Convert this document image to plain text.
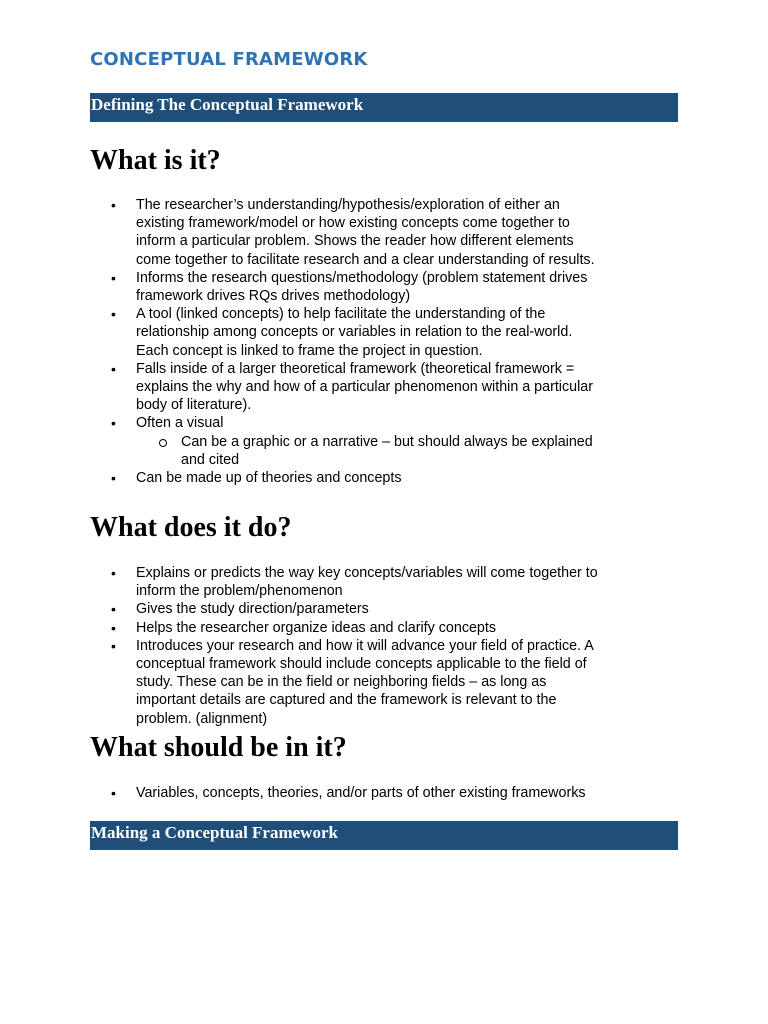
CONCEPTUAL FRAMEWORK
Defining The Conceptual Framework
What is it?
• The researcher’s understanding/hypothesis/exploration of either an existing framework/model or how existing concepts come together to inform a particular problem. Shows the reader how different elements come together to facilitate research and a clear understanding of results.
• Informs the research questions/methodology (problem statement drives framework drives RQs drives methodology)
• A tool (linked concepts) to help facilitate the understanding of the relationship among concepts or variables in relation to the real-world. Each concept is linked to frame the project in question.
• Falls inside of a larger theoretical framework (theoretical framework = explains the why and how of a particular phenomenon within a particular body of literature).
• Often a visual
Can be a graphic or a narrative – but should always be explained and cited
• Can be made up of theories and concepts
What does it do?
• Explains or predicts the way key concepts/variables will come together to inform the problem/phenomenon
• Gives the study direction/parameters
• Helps the researcher organize ideas and clarify concepts
• Introduces your research and how it will advance your field of practice. A conceptual framework should include concepts applicable to the field of study. These can be in the field or neighboring fields – as long as important details are captured and the framework is relevant to the problem. (alignment)
What should be in it?
• Variables, concepts, theories, and/or parts of other existing frameworks
Making a Conceptual Framework
